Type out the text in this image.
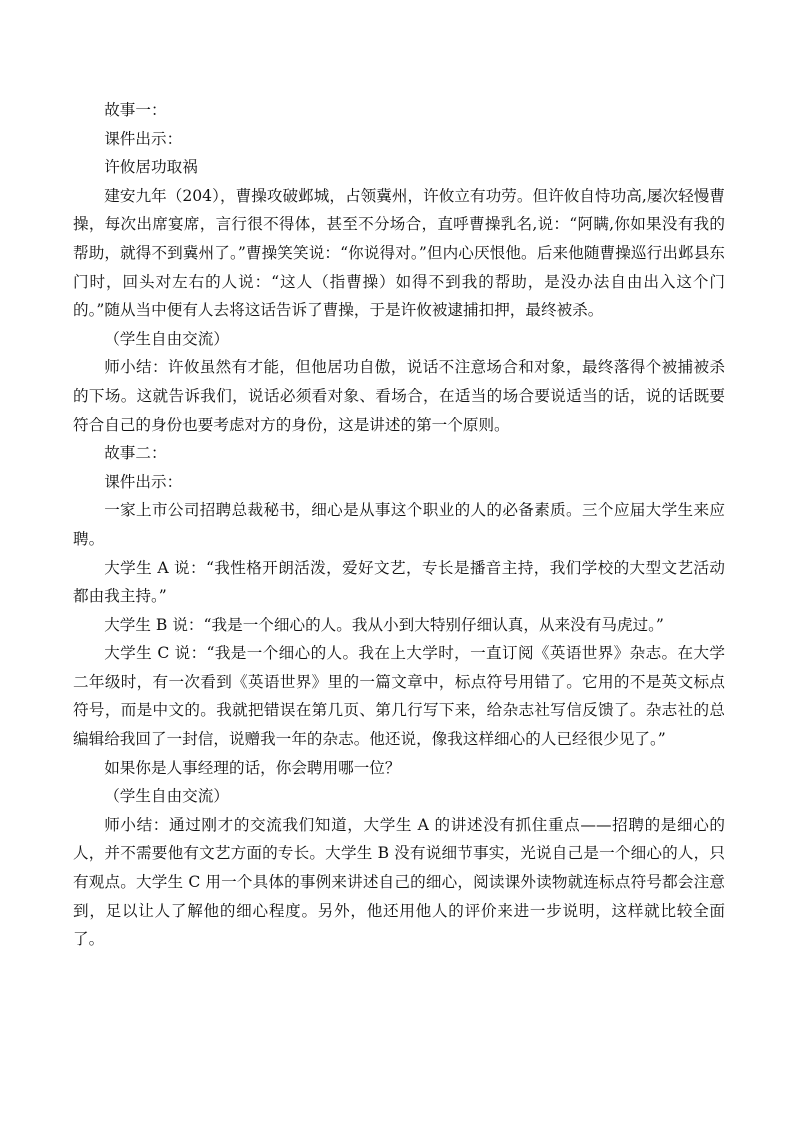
故事一：

课件出示：

许攸居功取祸

建安九年（204），曹操攻破邺城，占领冀州，许攸立有功劳。但许攸自恃功高,屡次轻慢曹操，每次出席宴席，言行很不得体，甚至不分场合，直呼曹操乳名,说：“阿瞒,你如果没有我的帮助，就得不到冀州了。”曹操笑笑说：“你说得对。”但内心厌恨他。后来他随曹操巡行出邺县东门时，回头对左右的人说：“这人（指曹操）如得不到我的帮助，是没办法自由出入这个门的。”随从当中便有人去将这话告诉了曹操，于是许攸被逮捕扣押，最终被杀。

（学生自由交流）

师小结：许攸虽然有才能，但他居功自傲，说话不注意场合和对象，最终落得个被捕被杀的下场。这就告诉我们，说话必须看对象、看场合，在适当的场合要说适当的话，说的话既要符合自己的身份也要考虑对方的身份，这是讲述的第一个原则。

故事二：

课件出示：

一家上市公司招聘总裁秘书，细心是从事这个职业的人的必备素质。三个应届大学生来应聘。

大学生 A 说：“我性格开朗活泼，爱好文艺，专长是播音主持，我们学校的大型文艺活动都由我主持。”

大学生 B 说：“我是一个细心的人。我从小到大特别仔细认真，从来没有马虎过。”

大学生 C 说：“我是一个细心的人。我在上大学时，一直订阅《英语世界》杂志。在大学二年级时，有一次看到《英语世界》里的一篇文章中，标点符号用错了。它用的不是英文标点符号，而是中文的。我就把错误在第几页、第几行写下来，给杂志社写信反馈了。杂志社的总编辑给我回了一封信，说赠我一年的杂志。他还说，像我这样细心的人已经很少见了。”

如果你是人事经理的话，你会聘用哪一位？

（学生自由交流）

师小结：通过刚才的交流我们知道，大学生 A 的讲述没有抓住重点——招聘的是细心的人，并不需要他有文艺方面的专长。大学生 B 没有说细节事实，光说自己是一个细心的人，只有观点。大学生 C 用一个具体的事例来讲述自己的细心，阅读课外读物就连标点符号都会注意到，足以让人了解他的细心程度。另外，他还用他人的评价来进一步说明，这样就比较全面了。
